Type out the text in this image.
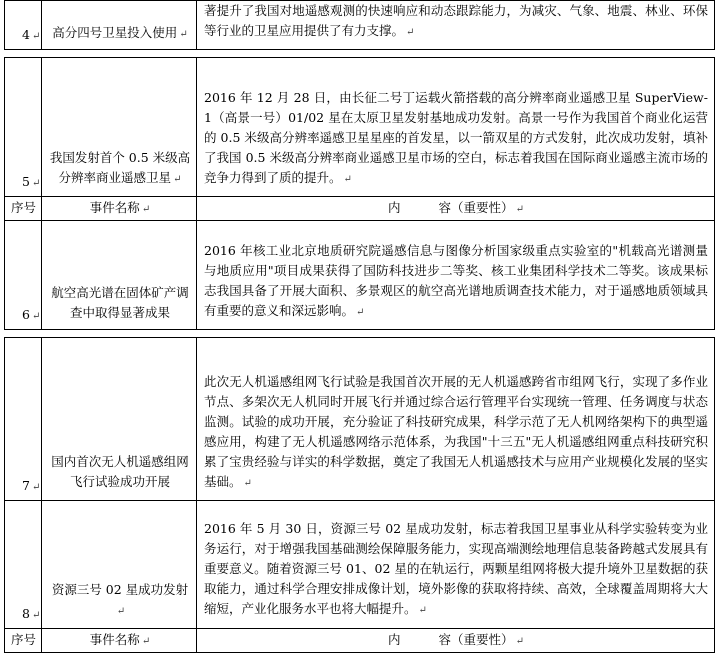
4 ↵	高分四号卫星投入使用 ↵	著提升了我国对地遥感观测的快速响应和动态跟踪能力，为减灾、气象、地震、林业、环保等行业的卫星应用提供了有力支撑。 ↵
5 ↵	我国发射首个 0.5 米级高分辨率商业遥感卫星 ↵	2016 年 12 月 28 日，由长征二号丁运载火箭搭载的高分辨率商业遥感卫星 SuperView-1（高景一号）01/02 星在太原卫星发射基地成功发射。高景一号作为我国首个商业化运营的 0.5 米级高分辨率遥感卫星星座的首发星，以一箭双星的方式发射，此次成功发射，填补了我国 0.5 米级高分辨率商业遥感卫星市场的空白，标志着我国在国际商业遥感主流市场的竞争力得到了质的提升。 ↵
序号	事件名称 ↵	内 容（重要性） ↵
6 ↵	航空高光谱在固体矿产调查中取得显著成果	2016 年核工业北京地质研究院遥感信息与图像分析国家级重点实验室的"机载高光谱测量与地质应用"项目成果获得了国防科技进步二等奖、核工业集团科学技术二等奖。该成果标志我国具备了开展大面积、多景观区的航空高光谱地质调查技术能力，对于遥感地质领域具有重要的意义和深远影响。 ↵
7 ↵	国内首次无人机遥感组网飞行试验成功开展	此次无人机遥感组网飞行试验是我国首次开展的无人机遥感跨省市组网飞行，实现了多作业节点、多架次无人机同时开展飞行并通过综合运行管理平台实现统一管理、任务调度与状态监测。试验的成功开展，充分验证了科技研究成果，科学示范了无人机网络架构下的典型遥感应用，构建了无人机遥感网络示范体系，为我国"十三五"无人机遥感组网重点科技研究积累了宝贵经验与详实的科学数据，奠定了我国无人机遥感技术与应用产业规模化发展的坚实基础。 ↵
8 ↵	资源三号 02 星成功发射↵	2016 年 5 月 30 日，资源三号 02 星成功发射，标志着我国卫星事业从科学实验转变为业务运行，对于增强我国基础测绘保障服务能力，实现高端测绘地理信息装备跨越式发展具有重要意义。随着资源三号 01、02 星的在轨运行，两颗星组网将极大提升境外卫星数据的获取能力，通过科学合理安排成像计划，境外影像的获取将持续、高效，全球覆盖周期将大大缩短，产业化服务水平也将大幅提升。 ↵
序号	事件名称 ↵	内 容（重要性） ↵
